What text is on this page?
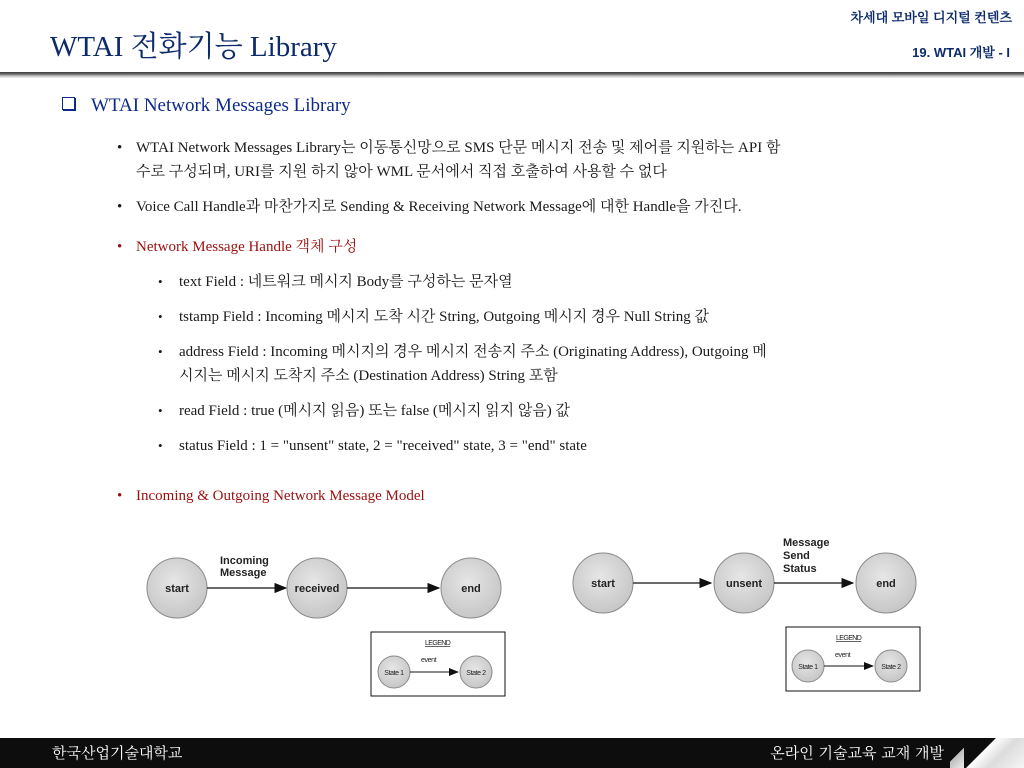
WTAI 전화기능 Library
차세대 모바일 디지털 컨텐츠
19. WTAI 개발 - I
WTAI Network Messages Library
• WTAI Network Messages Library는 이동통신망으로 SMS 단문 메시지 전송 및 제어를 지원하는 API 함
수로 구성되며, URI를 지원 하지 않아 WML 문서에서 직접 호출하여 사용할 수 없다
• Voice Call Handle과 마찬가지로 Sending & Receiving Network Message에 대한 Handle을 가진다.
• Network Message Handle 객체 구성
• text Field : 네트워크 메시지 Body를 구성하는 문자열
• tstamp Field : Incoming 메시지 도착 시간 String, Outgoing 메시지 경우 Null String 값
• address Field : Incoming 메시지의 경우 메시지 전송지 주소 (Originating Address), Outgoing 메
시지는 메시지 도착지 주소 (Destination Address) String 포함
• read Field : true (메시지 읽음) 또는 false (메시지 읽지 않음) 값
• status Field : 1 = "unsent" state, 2 = "received" state, 3 = "end" state
• Incoming & Outgoing Network Message Model
start
Incoming
Message
received	end
LEGEND
event
State 1	State 2
start	unsent
Message
Send
Status
end
LEGEND
event
State 1	State 2
한국산업기술대학교	온라인 기술교육 교재 개발
